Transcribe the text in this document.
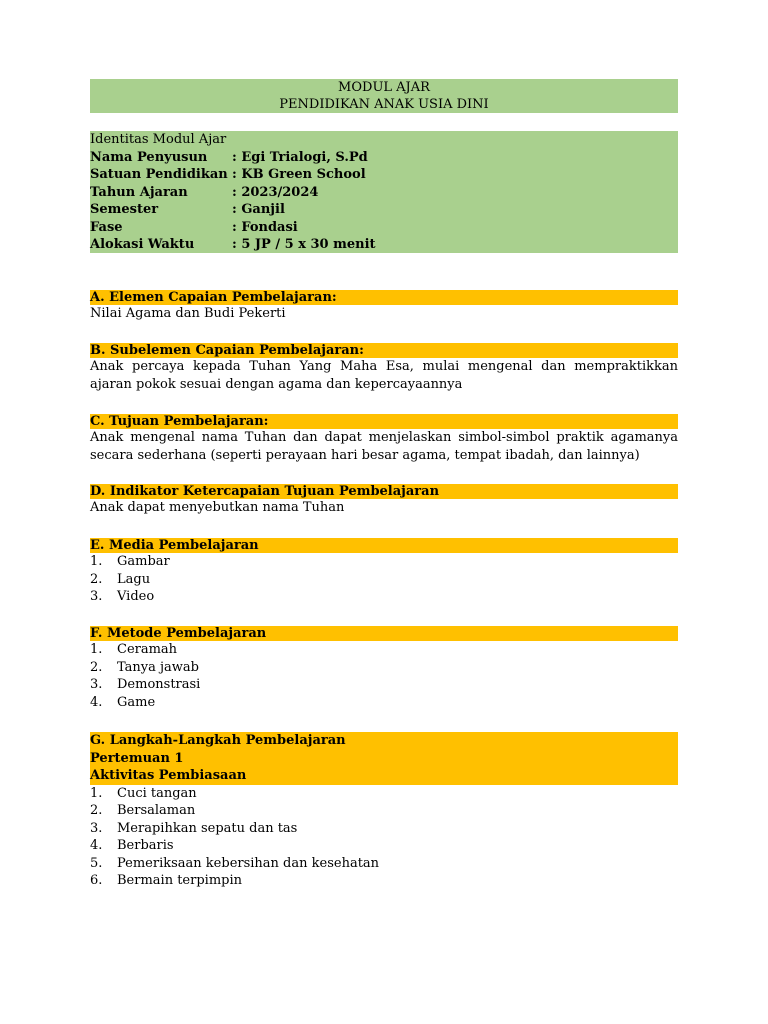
MODUL AJAR
PENDIDIKAN ANAK USIA DINI
Identitas Modul Ajar
Nama Penyusun	: Egi Trialogi, S.Pd
Satuan Pendidikan : KB Green School
Tahun Ajaran	: 2023/2024
Semester	: Ganjil
Fase	: Fondasi
Alokasi Waktu	: 5 JP / 5 x 30 menit
A. Elemen Capaian Pembelajaran:
Nilai Agama dan Budi Pekerti
B. Subelemen Capaian Pembelajaran:
Anak percaya kepada Tuhan Yang Maha Esa, mulai mengenal dan mempraktikkan ajaran pokok sesuai dengan agama dan kepercayaannya
C. Tujuan Pembelajaran:
Anak mengenal nama Tuhan dan dapat menjelaskan simbol-simbol praktik agamanya secara sederhana (seperti perayaan hari besar agama, tempat ibadah, dan lainnya)
D. Indikator Ketercapaian Tujuan Pembelajaran
Anak dapat menyebutkan nama Tuhan
E. Media Pembelajaran
1.	Gambar
2.	Lagu
3.	Video
F. Metode Pembelajaran
1.	Ceramah
2.	Tanya jawab
3.	Demonstrasi
4.	Game
G. Langkah-Langkah Pembelajaran
Pertemuan 1
Aktivitas Pembiasaan
1.	Cuci tangan
2.	Bersalaman
3.	Merapihkan sepatu dan tas
4.	Berbaris
5.	Pemeriksaan kebersihan dan kesehatan
6.	Bermain terpimpin
